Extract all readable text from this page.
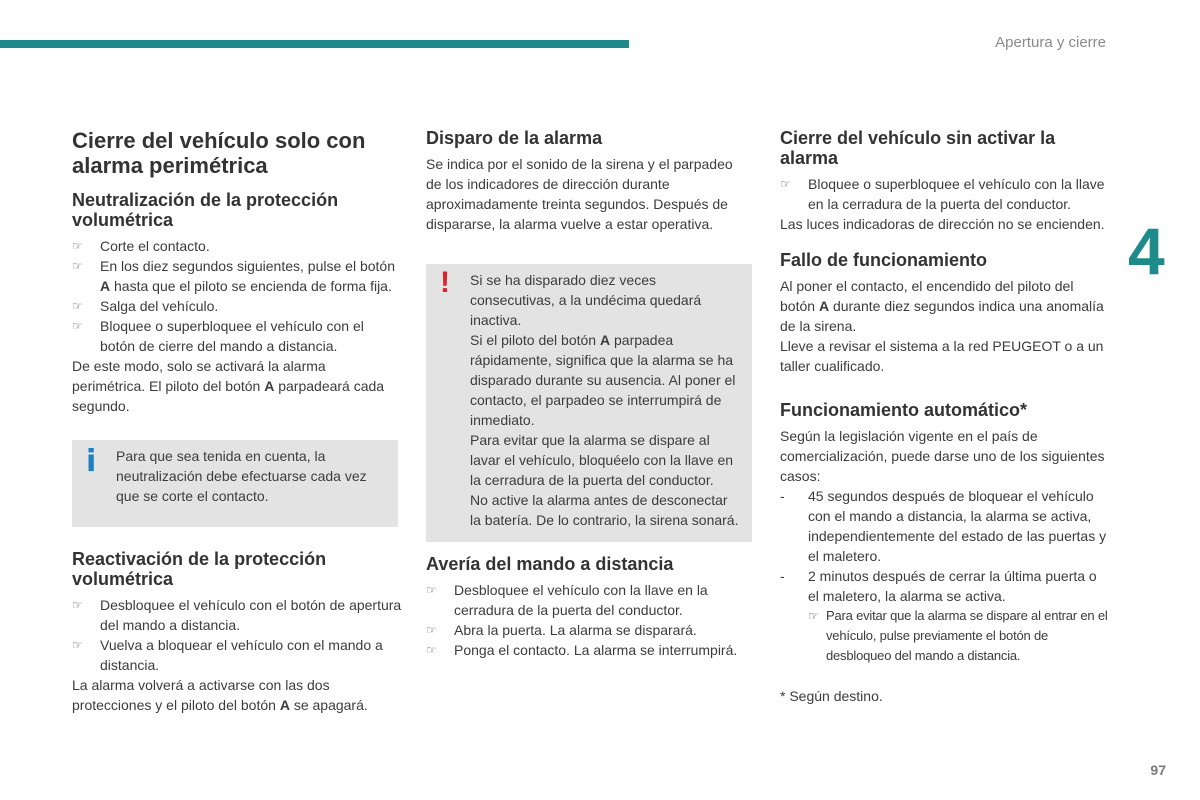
Apertura y cierre
4
97
Cierre del vehículo solo con alarma perimétrica
Neutralización de la protección volumétrica
☞ Corte el contacto.
☞ En los diez segundos siguientes, pulse el botón A hasta que el piloto se encienda de forma fija.
☞ Salga del vehículo.
☞ Bloquee o superbloquee el vehículo con el botón de cierre del mando a distancia.

De este modo, solo se activará la alarma perimétrica. El piloto del botón A parpadeará cada segundo.

i Para que sea tenida en cuenta, la neutralización debe efectuarse cada vez que se corte el contacto.

Reactivación de la protección volumétrica
☞ Desbloquee el vehículo con el botón de apertura del mando a distancia.
☞ Vuelva a bloquear el vehículo con el mando a distancia.

La alarma volverá a activarse con las dos protecciones y el piloto del botón A se apagará.

Disparo de la alarma

Se indica por el sonido de la sirena y el parpadeo de los indicadores de dirección durante aproximadamente treinta segundos. Después de dispararse, la alarma vuelve a estar operativa.

! Si se ha disparado diez veces consecutivas, a la undécima quedará inactiva.

Si el piloto del botón A parpadea rápidamente, significa que la alarma se ha disparado durante su ausencia. Al poner el contacto, el parpadeo se interrumpirá de inmediato.

Para evitar que la alarma se dispare al lavar el vehículo, bloquéelo con la llave en la cerradura de la puerta del conductor.

No active la alarma antes de desconectar la batería. De lo contrario, la sirena sonará.

Avería del mando a distancia
☞ Desbloquee el vehículo con la llave en la cerradura de la puerta del conductor.
☞ Abra la puerta. La alarma se disparará.
☞ Ponga el contacto. La alarma se interrumpirá.
Cierre del vehículo sin activar la alarma
☞ Bloquee o superbloquee el vehículo con la llave en la cerradura de la puerta del conductor.

Las luces indicadoras de dirección no se encienden.

Fallo de funcionamiento

Al poner el contacto, el encendido del piloto del botón A durante diez segundos indica una anomalía de la sirena.

Lleve a revisar el sistema a la red PEUGEOT o a un taller cualificado.

Funcionamiento automático*

Según la legislación vigente en el país de comercialización, puede darse uno de los siguientes casos:

- 45 segundos después de bloquear el vehículo con el mando a distancia, la alarma se activa, independientemente del estado de las puertas y el maletero.
- 2 minutos después de cerrar la última puerta o el maletero, la alarma se activa.
☞ Para evitar que la alarma se dispare al entrar en el vehículo, pulse previamente el botón de desbloqueo del mando a distancia.

* Según destino.
